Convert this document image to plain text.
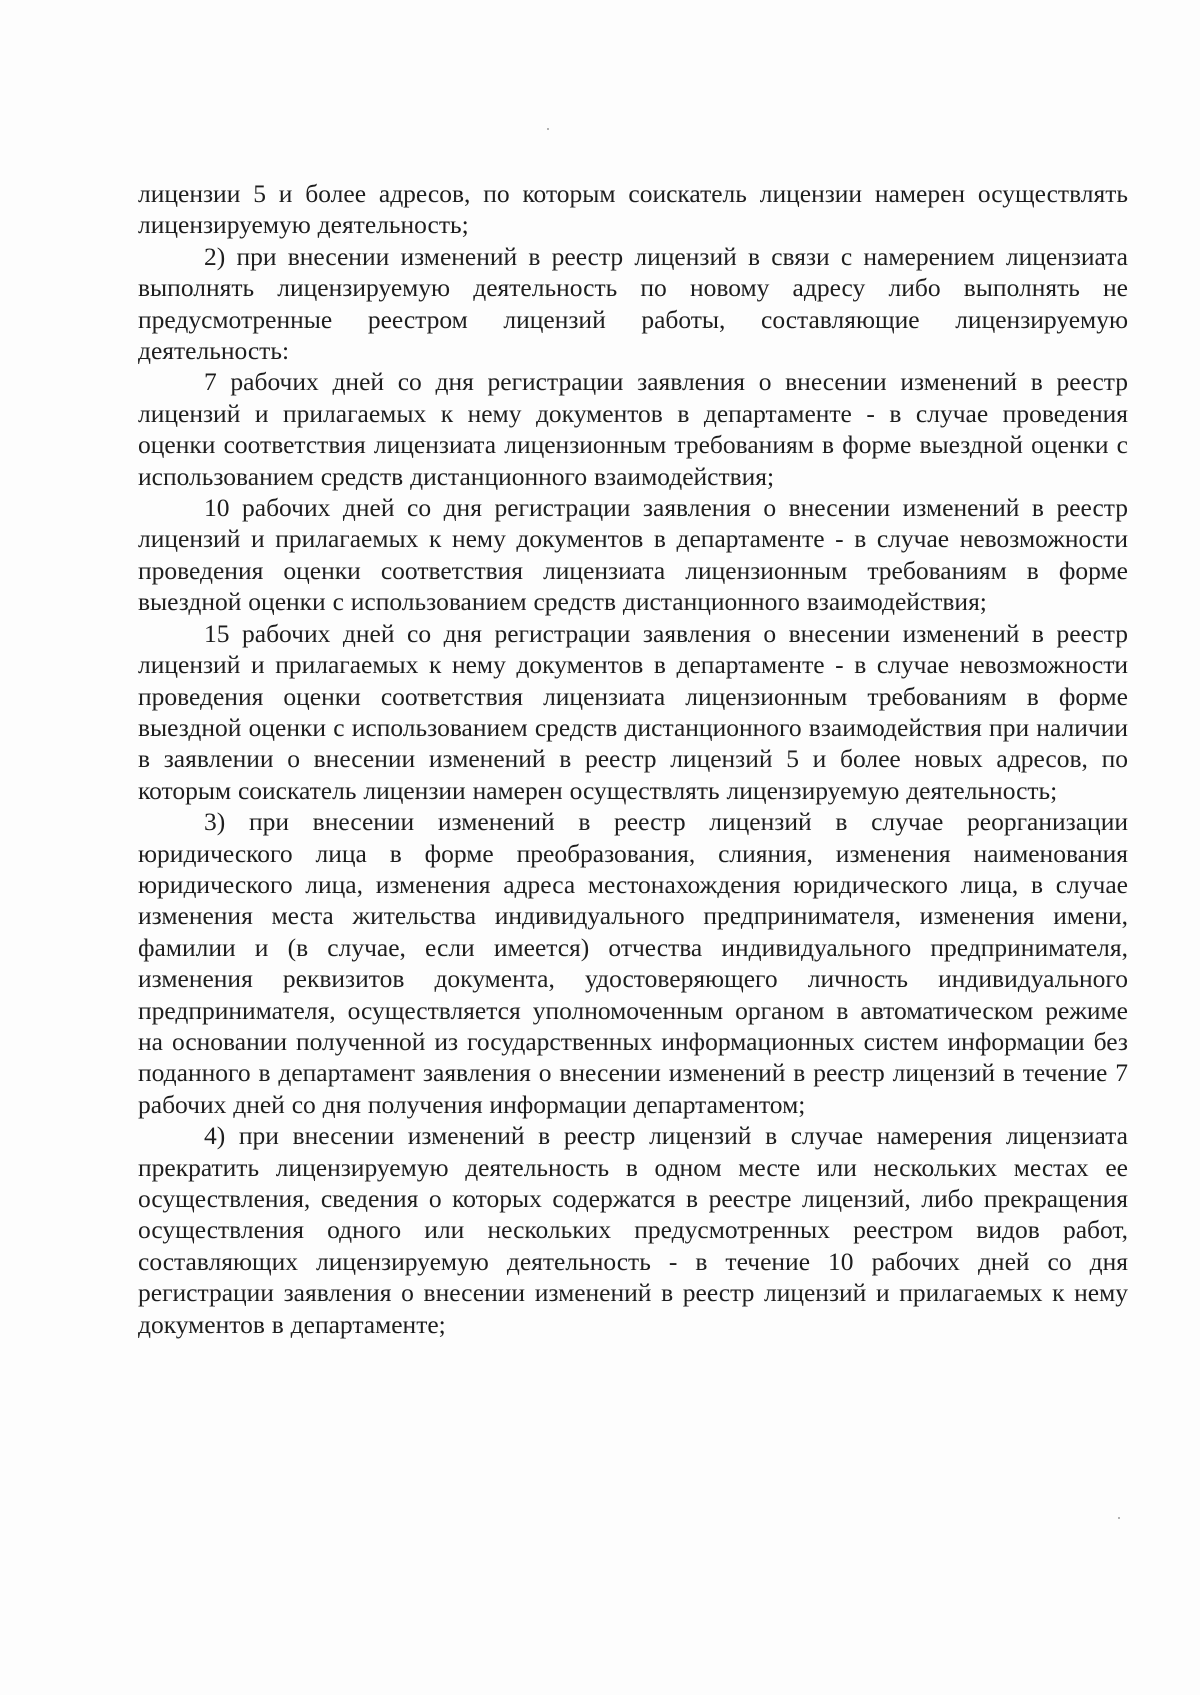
лицензии 5 и более адресов, по которым соискатель лицензии намерен осуществлять лицензируемую деятельность;

2) при внесении изменений в реестр лицензий в связи с намерением лицензиата выполнять лицензируемую деятельность по новому адресу либо выполнять не предусмотренные реестром лицензий работы, составляющие лицензируемую деятельность:

7 рабочих дней со дня регистрации заявления о внесении изменений в реестр лицензий и прилагаемых к нему документов в департаменте - в случае проведения оценки соответствия лицензиата лицензионным требованиям в форме выездной оценки с использованием средств дистанционного взаимодействия;

10 рабочих дней со дня регистрации заявления о внесении изменений в реестр лицензий и прилагаемых к нему документов в департаменте - в случае невозможности проведения оценки соответствия лицензиата лицензионным требованиям в форме выездной оценки с использованием средств дистанционного взаимодействия;

15 рабочих дней со дня регистрации заявления о внесении изменений в реестр лицензий и прилагаемых к нему документов в департаменте - в случае невозможности проведения оценки соответствия лицензиата лицензионным требованиям в форме выездной оценки с использованием средств дистанционного взаимодействия при наличии в заявлении о внесении изменений в реестр лицензий 5 и более новых адресов, по которым соискатель лицензии намерен осуществлять лицензируемую деятельность;

3) при внесении изменений в реестр лицензий в случае реорганизации юридического лица в форме преобразования, слияния, изменения наименования юридического лица, изменения адреса местонахождения юридического лица, в случае изменения места жительства индивидуального предпринимателя, изменения имени, фамилии и (в случае, если имеется) отчества индивидуального предпринимателя, изменения реквизитов документа, удостоверяющего личность индивидуального предпринимателя, осуществляется уполномоченным органом в автоматическом режиме на основании полученной из государственных информационных систем информации без поданного в департамент заявления о внесении изменений в реестр лицензий в течение 7 рабочих дней со дня получения информации департаментом;

4) при внесении изменений в реестр лицензий в случае намерения лицензиата прекратить лицензируемую деятельность в одном месте или нескольких местах ее осуществления, сведения о которых содержатся в реестре лицензий, либо прекращения осуществления одного или нескольких предусмотренных реестром видов работ, составляющих лицензируемую деятельность - в течение 10 рабочих дней со дня регистрации заявления о внесении изменений в реестр лицензий и прилагаемых к нему документов в департаменте;
